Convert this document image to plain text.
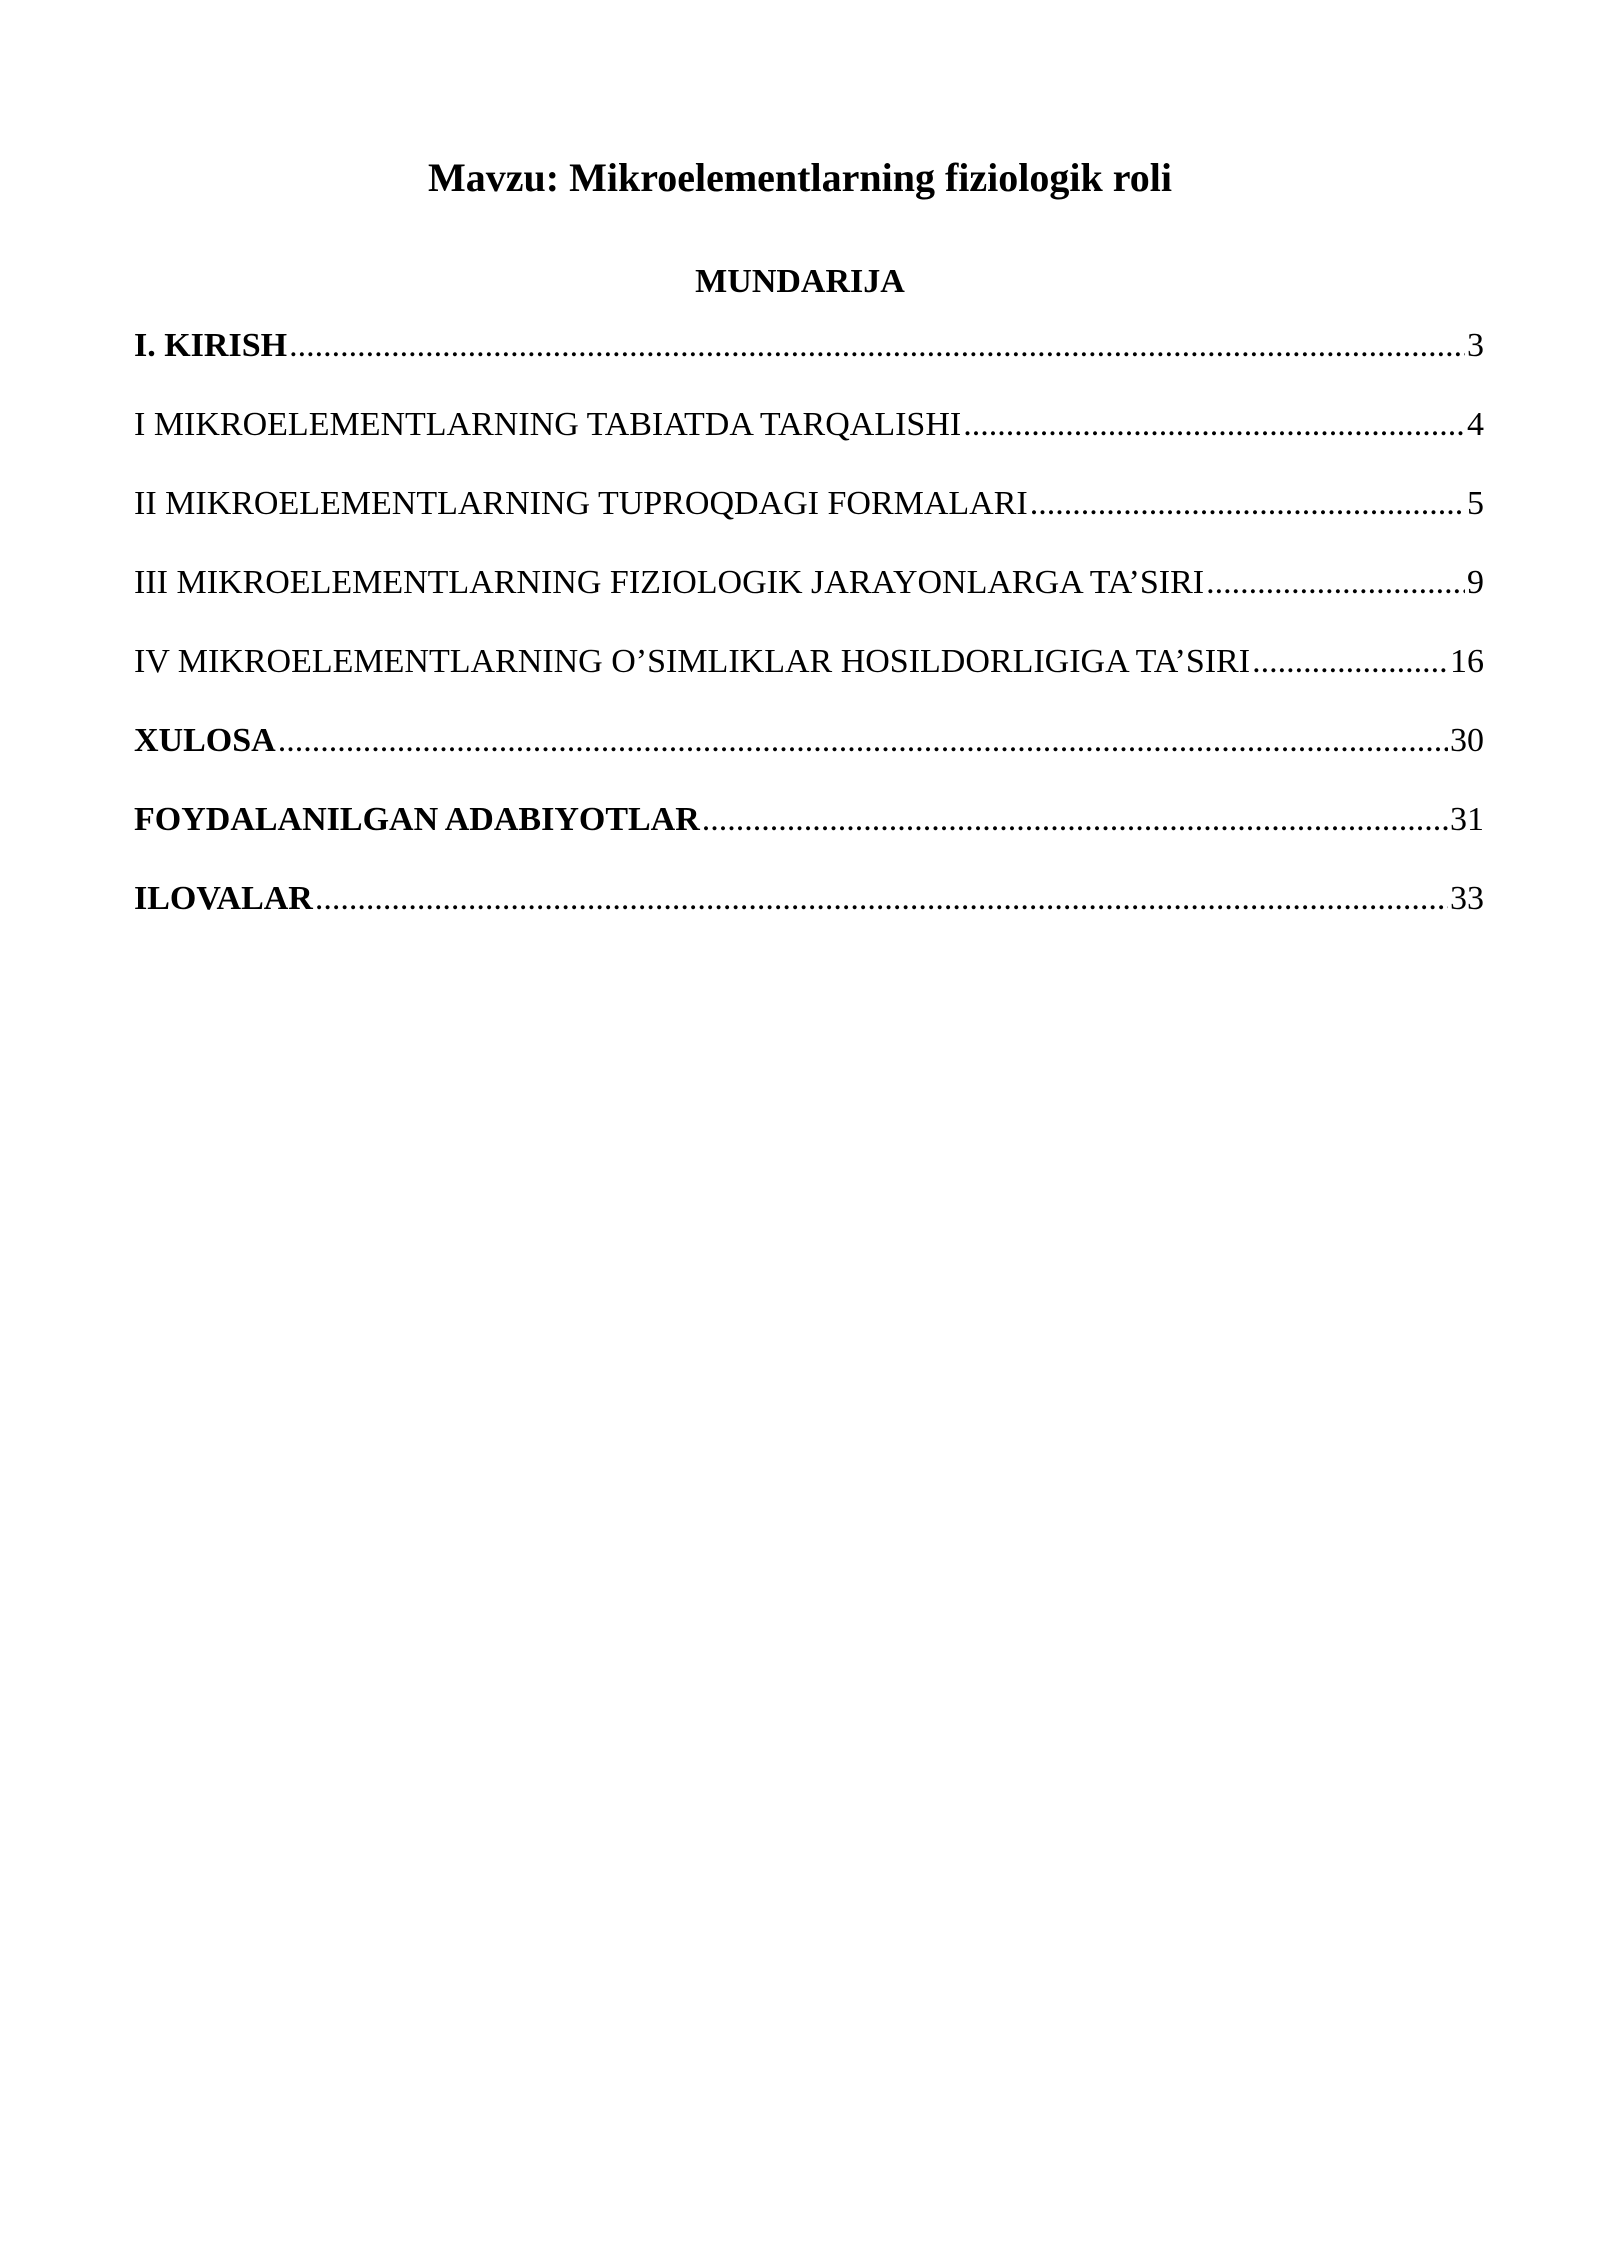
Mavzu: Mikroelementlarning fiziologik roli
MUNDARIJA
I. KIRISH .....	3
I MIKROELEMENTLARNING TABIATDA TARQALISHI .....	4
II MIKROELEMENTLARNING TUPROQDAGI FORMALARI .....	5
III MIKROELEMENTLARNING FIZIOLOGIK JARAYONLARGA TA’SIRI .....	9
IV MIKROELEMENTLARNING O’SIMLIKLAR HOSILDORLIGIGA TA’SIRI .....	16
XULOSA .....	30
FOYDALANILGAN ADABIYOTLAR .....	31
ILOVALAR .....	33
